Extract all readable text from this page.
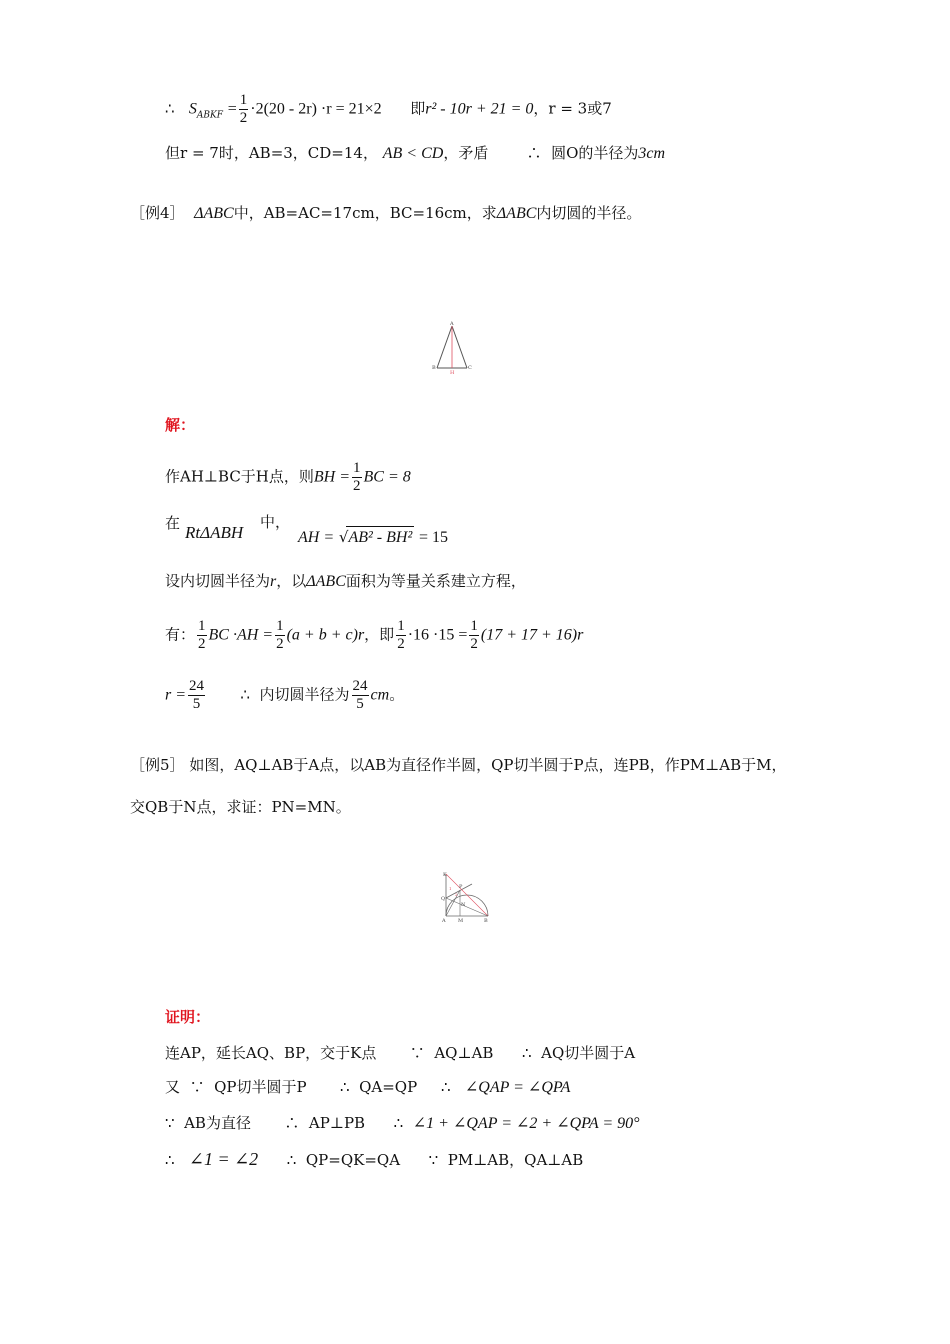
∴ $S_{ABKF} = \frac{1}{2} \cdot 2(20 - 2r) \cdot r = 21\times 2$ 即r² - 10r + 21 = 0，r = 3或7
但r = 7时，AB=3，CD=14， AB < CD，矛盾	∴ 圆O的半径为3cm
［例4］ ΔABC中，AB=AC=17cm，BC=16cm，求ΔABC内切圆的半径。
A
B	C
H
解：
作AH⊥BC于H点，则BH = $\frac{1}{2}$ BC = 8
在 RtΔABH
中，
AH = √AB² - BH² = 15
设内切圆半径为r，以ΔABC面积为等量关系建立方程，
有： $\frac{1}{2}$ BC $\cdot AH = \frac{1}{2} (a + b + c)r$，即 $\frac{1}{2} \cdot 16 \cdot 15 = \frac{1}{2} (17 + 17 + 16)r$
$r = \frac{24}{5}$ ∴ 内切圆半径为 $\frac{24}{5}$ cm。
［例5］ 如图，AQ⊥AB于A点，以AB为直径作半圆，QP切半圆于P点，连PB，作PM⊥AB于M，
交QB于N点，求证：PN=MN。
K
P
Q
N
A M	B
1
2
证明：
连AP，延长AQ、BP，交于K点 ∵ AQ⊥AB ∴ AQ切半圆于A
又 ∵ QP切半圆于P ∴ QA=QP ∴ ∠QAP = ∠QPA
∵ AB为直径 ∴ AP⊥PB ∴ ∠1 + ∠QAP = ∠2 + ∠QPA = 90°
∴ ∠1 = ∠2 ∴ QP=QK=QA ∵ PM⊥AB，QA⊥AB
